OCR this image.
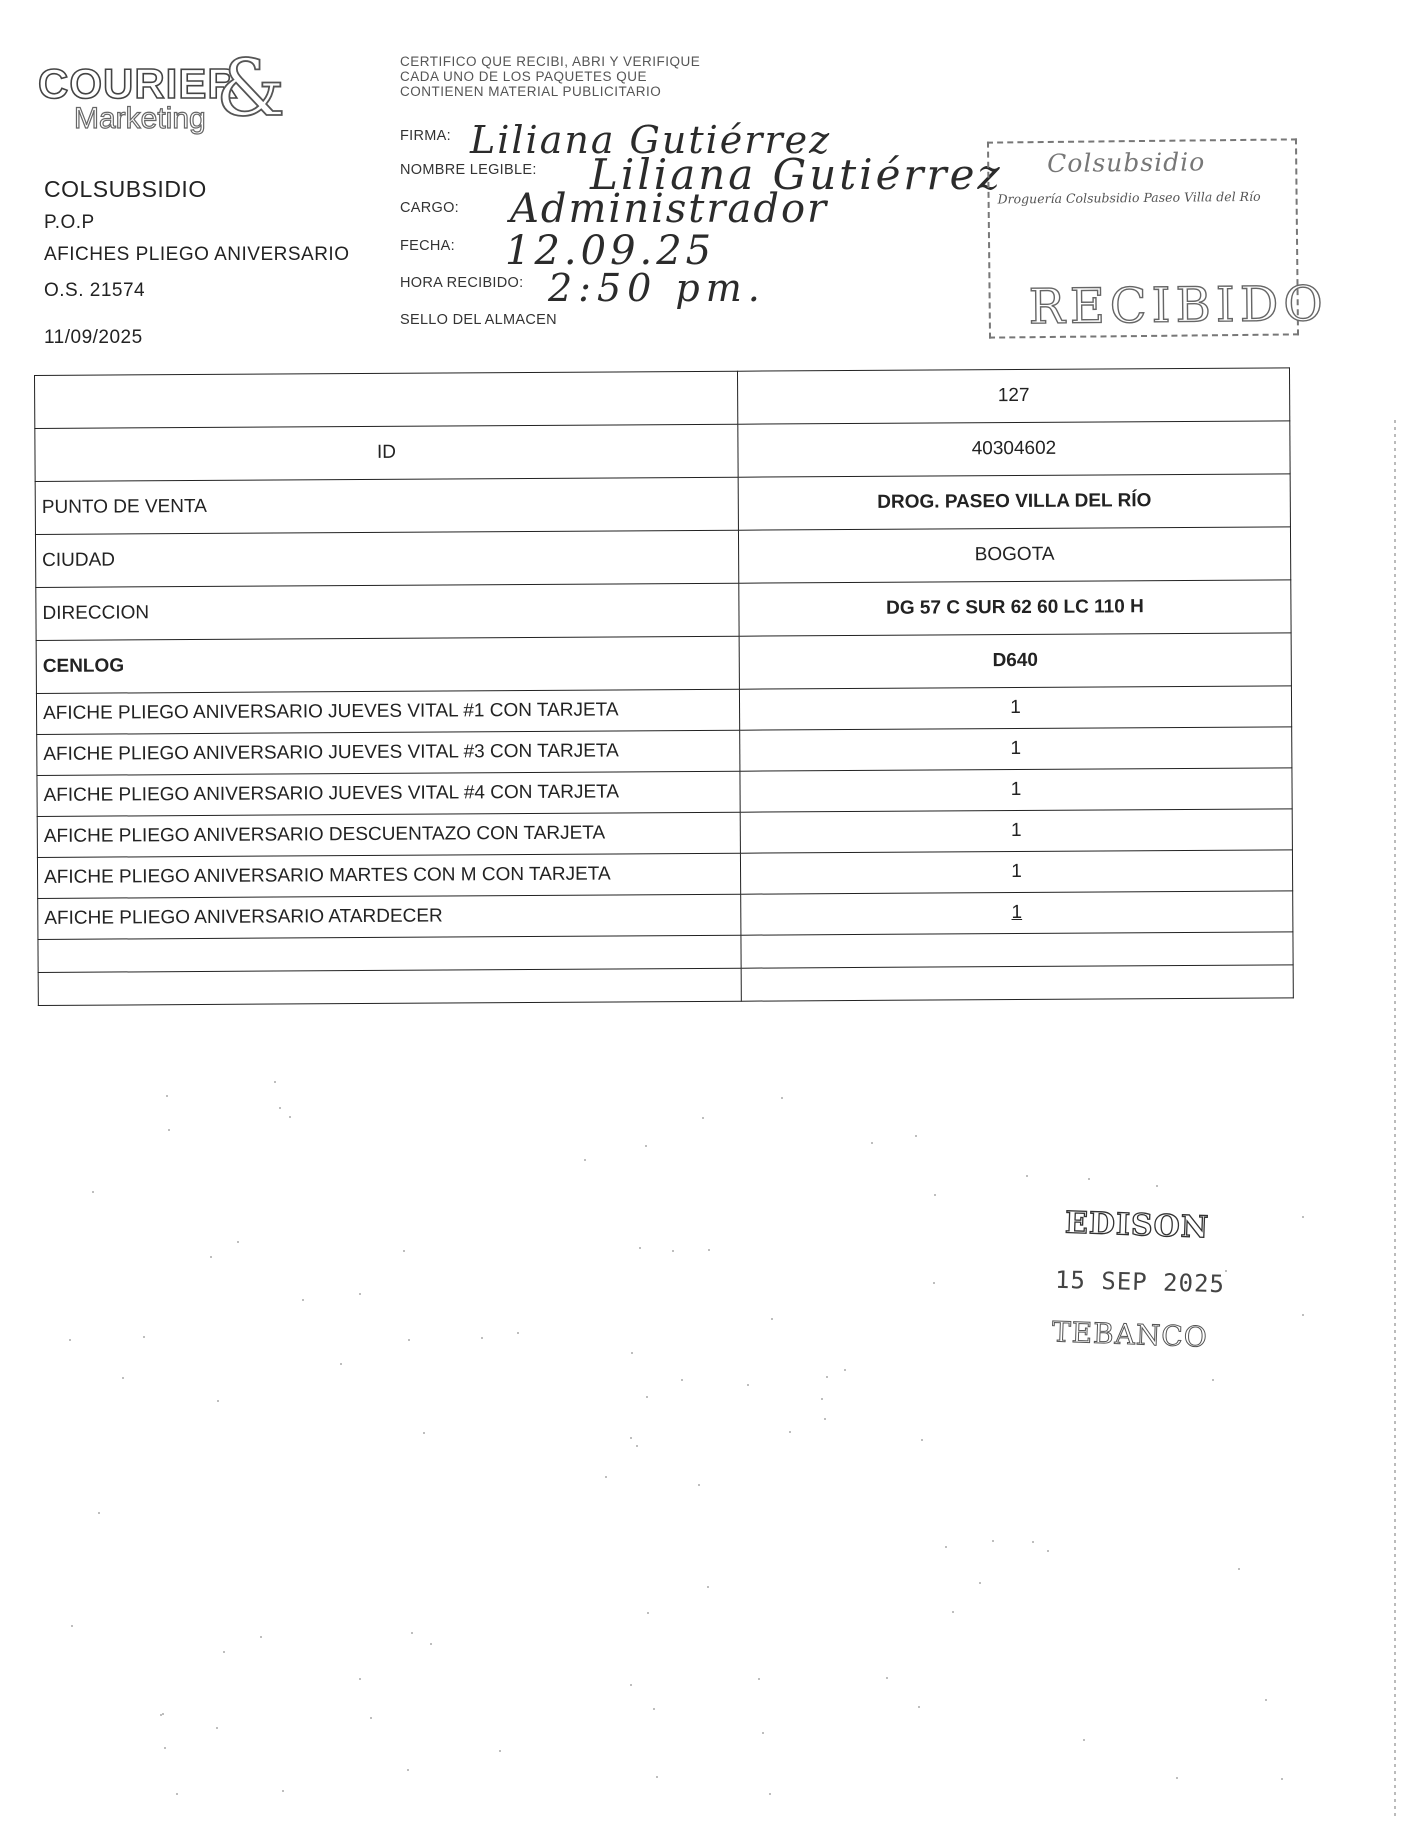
COURIER
Marketing &
COLSUBSIDIO
P.O.P
AFICHES PLIEGO ANIVERSARIO
O.S. 21574
11/09/2025
CERTIFICO QUE RECIBI, ABRI Y VERIFIQUE
CADA UNO DE LOS PAQUETES QUE
CONTIENEN MATERIAL PUBLICITARIO
FIRMA: Liliana Gutiérrez
NOMBRE LEGIBLE: Liliana Gutiérrez
CARGO: Administrador
FECHA: 12.09.25
HORA RECIBIDO: 2:50 pm.
SELLO DEL ALMACEN
Colsubsidio
Droguería Colsubsidio Paseo Villa del Río
RECIBIDO
	127
ID	40304602
PUNTO DE VENTA	DROG. PASEO VILLA DEL RÍO
CIUDAD	BOGOTA
DIRECCION	DG 57 C SUR 62 60 LC 110 H
CENLOG	D640
AFICHE PLIEGO ANIVERSARIO JUEVES VITAL #1 CON TARJETA	1
AFICHE PLIEGO ANIVERSARIO JUEVES VITAL #3 CON TARJETA	1
AFICHE PLIEGO ANIVERSARIO JUEVES VITAL #4 CON TARJETA	1
AFICHE PLIEGO ANIVERSARIO DESCUENTAZO CON TARJETA	1
AFICHE PLIEGO ANIVERSARIO MARTES CON M CON TARJETA	1
AFICHE PLIEGO ANIVERSARIO ATARDECER	1

EDISON
15 SEP 2025
TEBANCO
